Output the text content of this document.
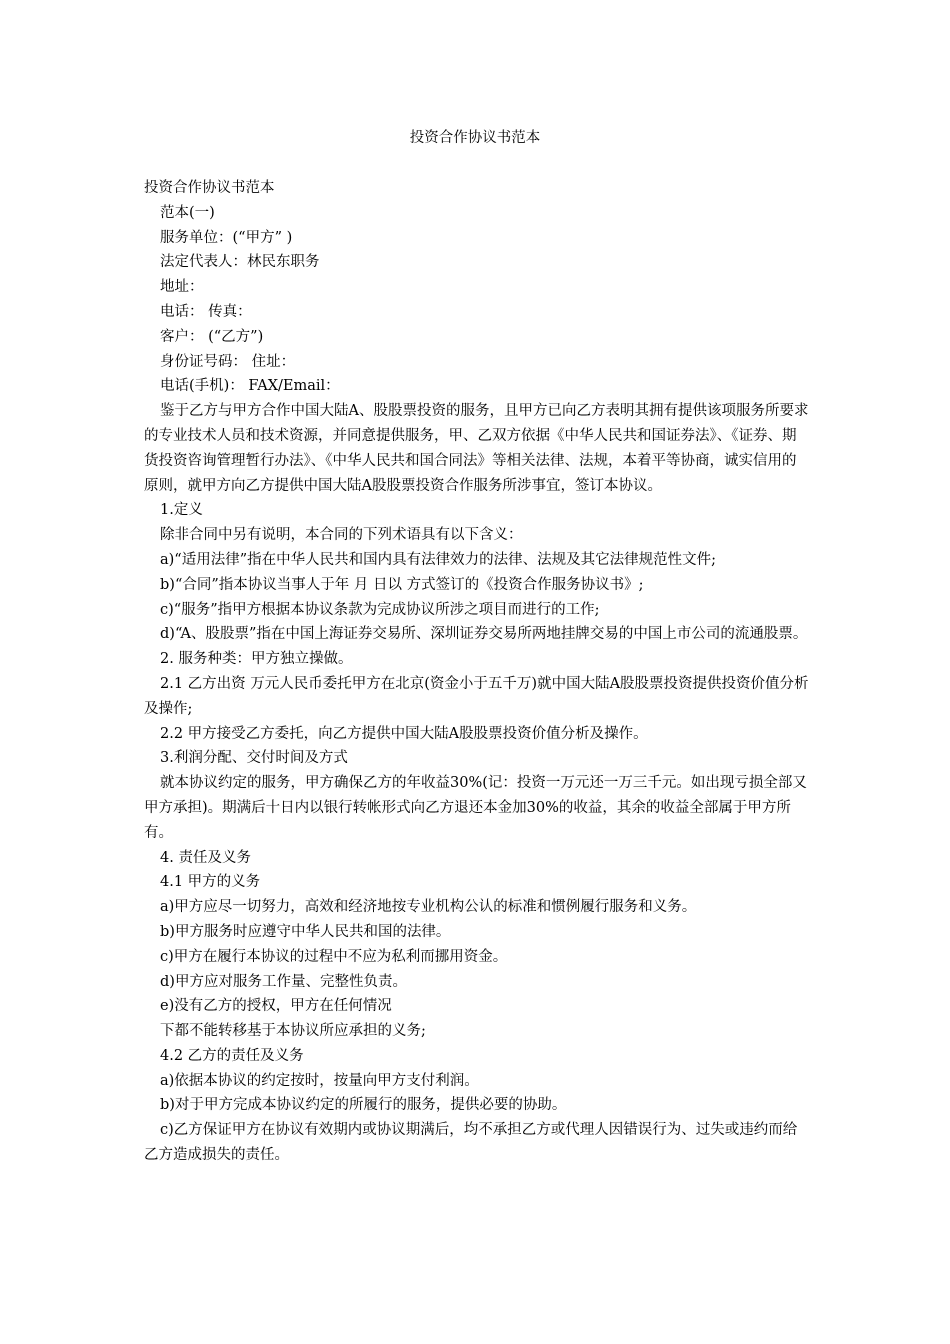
投资合作协议书范本

投资合作协议书范本

范本(一)

服务单位：(“甲方” )

法定代表人：林民东职务

地址：

电话： 传真：

客户： (“乙方”)

身份证号码： 住址：

电话(手机)： FAX/Email：

鉴于乙方与甲方合作中国大陆A、股股票投资的服务，且甲方已向乙方表明其拥有提供该项服务所要求的专业技术人员和技术资源，并同意提供服务，甲、乙双方依据《中华人民共和国证券法》、《证券、期货投资咨询管理暂行办法》、《中华人民共和国合同法》等相关法律、法规，本着平等协商，诚实信用的原则，就甲方向乙方提供中国大陆A股股票投资合作服务所涉事宜，签订本协议。

1.定义

除非合同中另有说明，本合同的下列术语具有以下含义：

a)“适用法律”指在中华人民共和国内具有法律效力的法律、法规及其它法律规范性文件;

b)“合同”指本协议当事人于年 月 日以 方式签订的《投资合作服务协议书》;

c)“服务”指甲方根据本协议条款为完成协议所涉之项目而进行的工作;

d)“A、股股票”指在中国上海证券交易所、深圳证券交易所两地挂牌交易的中国上市公司的流通股票。

2. 服务种类：甲方独立操做。

2.1 乙方出资 万元人民币委托甲方在北京(资金小于五千万)就中国大陆A股股票投资提供投资价值分析及操作;

2.2 甲方接受乙方委托，向乙方提供中国大陆A股股票投资价值分析及操作。

3.利润分配、交付时间及方式

就本协议约定的服务，甲方确保乙方的年收益30%(记：投资一万元还一万三千元。如出现亏损全部又甲方承担)。期满后十日内以银行转帐形式向乙方退还本金加30%的收益，其余的收益全部属于甲方所有。

4. 责任及义务

4.1 甲方的义务

a)甲方应尽一切努力，高效和经济地按专业机构公认的标准和惯例履行服务和义务。

b)甲方服务时应遵守中华人民共和国的法律。

c)甲方在履行本协议的过程中不应为私利而挪用资金。

d)甲方应对服务工作量、完整性负责。

e)没有乙方的授权，甲方在任何情况

下都不能转移基于本协议所应承担的义务;

4.2 乙方的责任及义务

a)依据本协议的约定按时，按量向甲方支付利润。

b)对于甲方完成本协议约定的所履行的服务，提供必要的协助。

c)乙方保证甲方在协议有效期内或协议期满后，均不承担乙方或代理人因错误行为、过失或违约而给乙方造成损失的责任。
